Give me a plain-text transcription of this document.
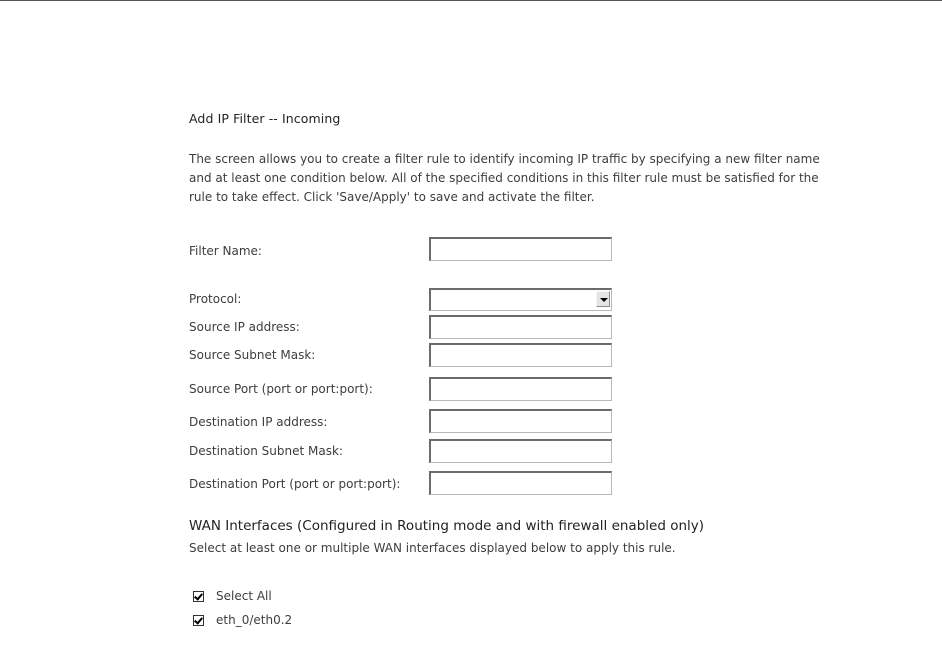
Add IP Filter -- Incoming
The screen allows you to create a filter rule to identify incoming IP traffic by specifying a new filter name and at least one condition below. All of the specified conditions in this filter rule must be satisfied for the rule to take effect. Click 'Save/Apply' to save and activate the filter.
Filter Name:
Protocol:
Source IP address:
Source Subnet Mask:
Source Port (port or port:port):
Destination IP address:
Destination Subnet Mask:
Destination Port (port or port:port):
WAN Interfaces (Configured in Routing mode and with firewall enabled only)
Select at least one or multiple WAN interfaces displayed below to apply this rule.
Select All
eth_0/eth0.2
